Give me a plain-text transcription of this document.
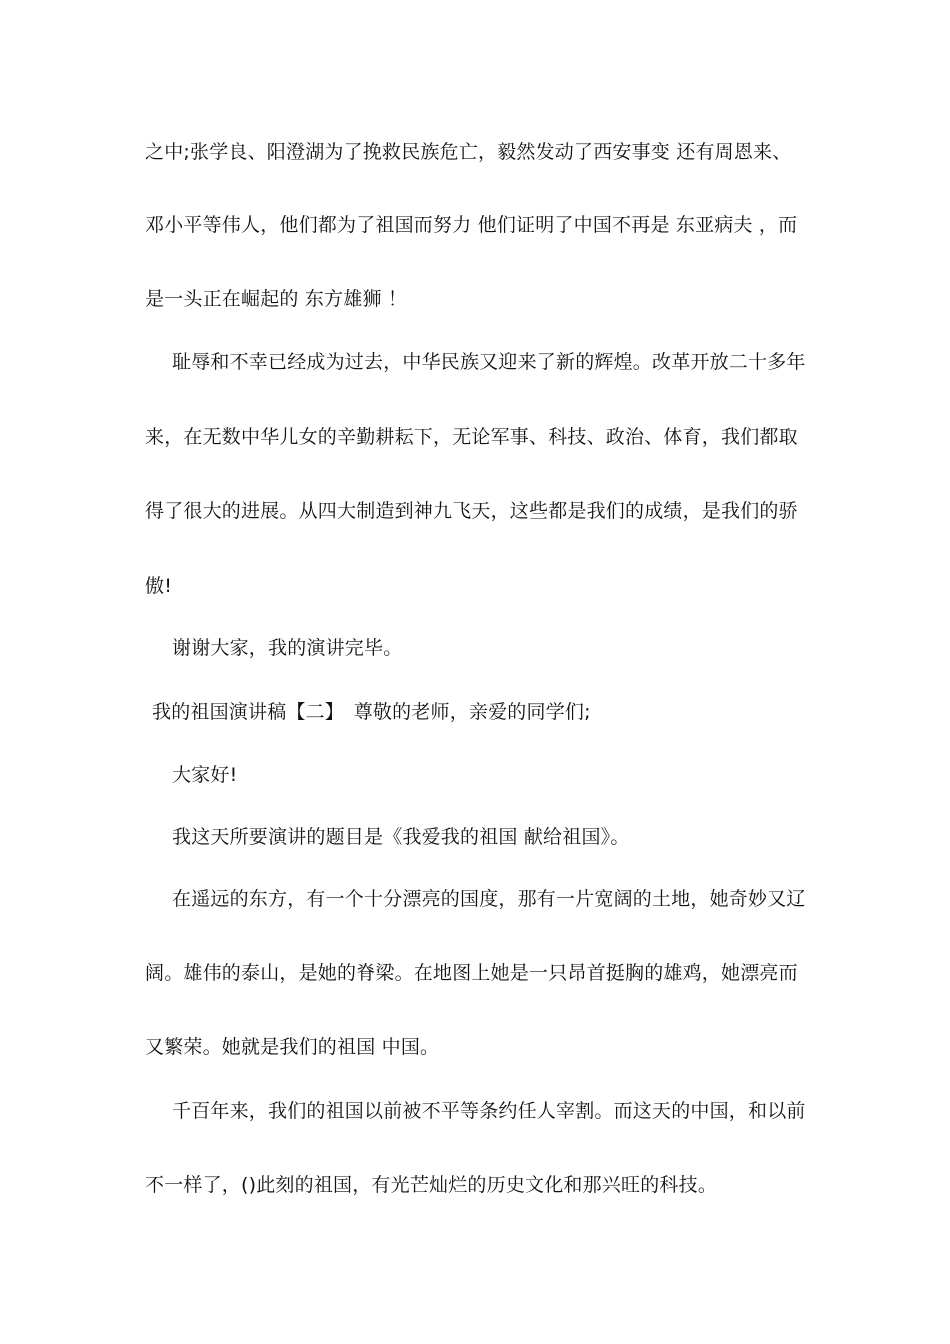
之中;张学良、阳澄湖为了挽救民族危亡，毅然发动了西安事变 还有周恩来、
邓小平等伟人，他们都为了祖国而努力 他们证明了中国不再是 东亚病夫 ，而
是一头正在崛起的 东方雄狮 ！
耻辱和不幸已经成为过去，中华民族又迎来了新的辉煌。改革开放二十多年
来，在无数中华儿女的辛勤耕耘下，无论军事、科技、政治、体育，我们都取
得了很大的进展。从四大制造到神九飞天，这些都是我们的成绩，是我们的骄
傲!
谢谢大家，我的演讲完毕。
我的祖国演讲稿【二】　尊敬的老师，亲爱的同学们;
大家好!
我这天所要演讲的题目是《我爱我的祖国 献给祖国》。
在遥远的东方，有一个十分漂亮的国度，那有一片宽阔的土地，她奇妙又辽
阔。雄伟的泰山，是她的脊梁。在地图上她是一只昂首挺胸的雄鸡，她漂亮而
又繁荣。她就是我们的祖国 中国。
千百年来，我们的祖国以前被不平等条约任人宰割。而这天的中国，和以前
不一样了，()此刻的祖国，有光芒灿烂的历史文化和那兴旺的科技。
